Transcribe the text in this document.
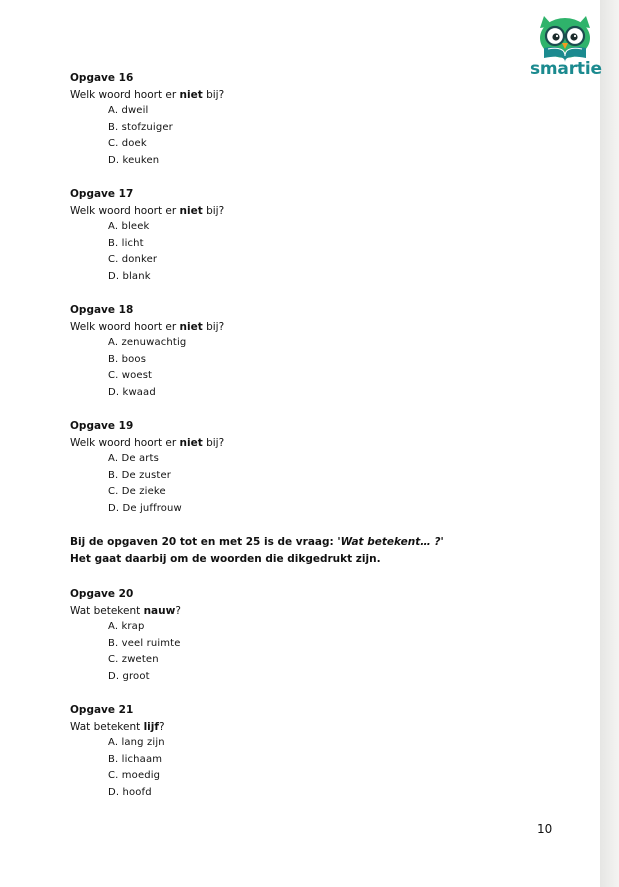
smartie
Opgave 16
Welk woord hoort er niet bij?
A. dweil
B. stofzuiger
C. doek
D. keuken
Opgave 17
Welk woord hoort er niet bij?
A. bleek
B. licht
C. donker
D. blank
Opgave 18
Welk woord hoort er niet bij?
A. zenuwachtig
B. boos
C. woest
D. kwaad
Opgave 19
Welk woord hoort er niet bij?
A. De arts
B. De zuster
C. De zieke
D. De juffrouw
Bij de opgaven 20 tot en met 25 is de vraag: 'Wat betekent… ?'
Het gaat daarbij om de woorden die dikgedrukt zijn.
Opgave 20
Wat betekent nauw?
A. krap
B. veel ruimte
C. zweten
D. groot
Opgave 21
Wat betekent lijf?
A. lang zijn
B. lichaam
C. moedig
D. hoofd
10
